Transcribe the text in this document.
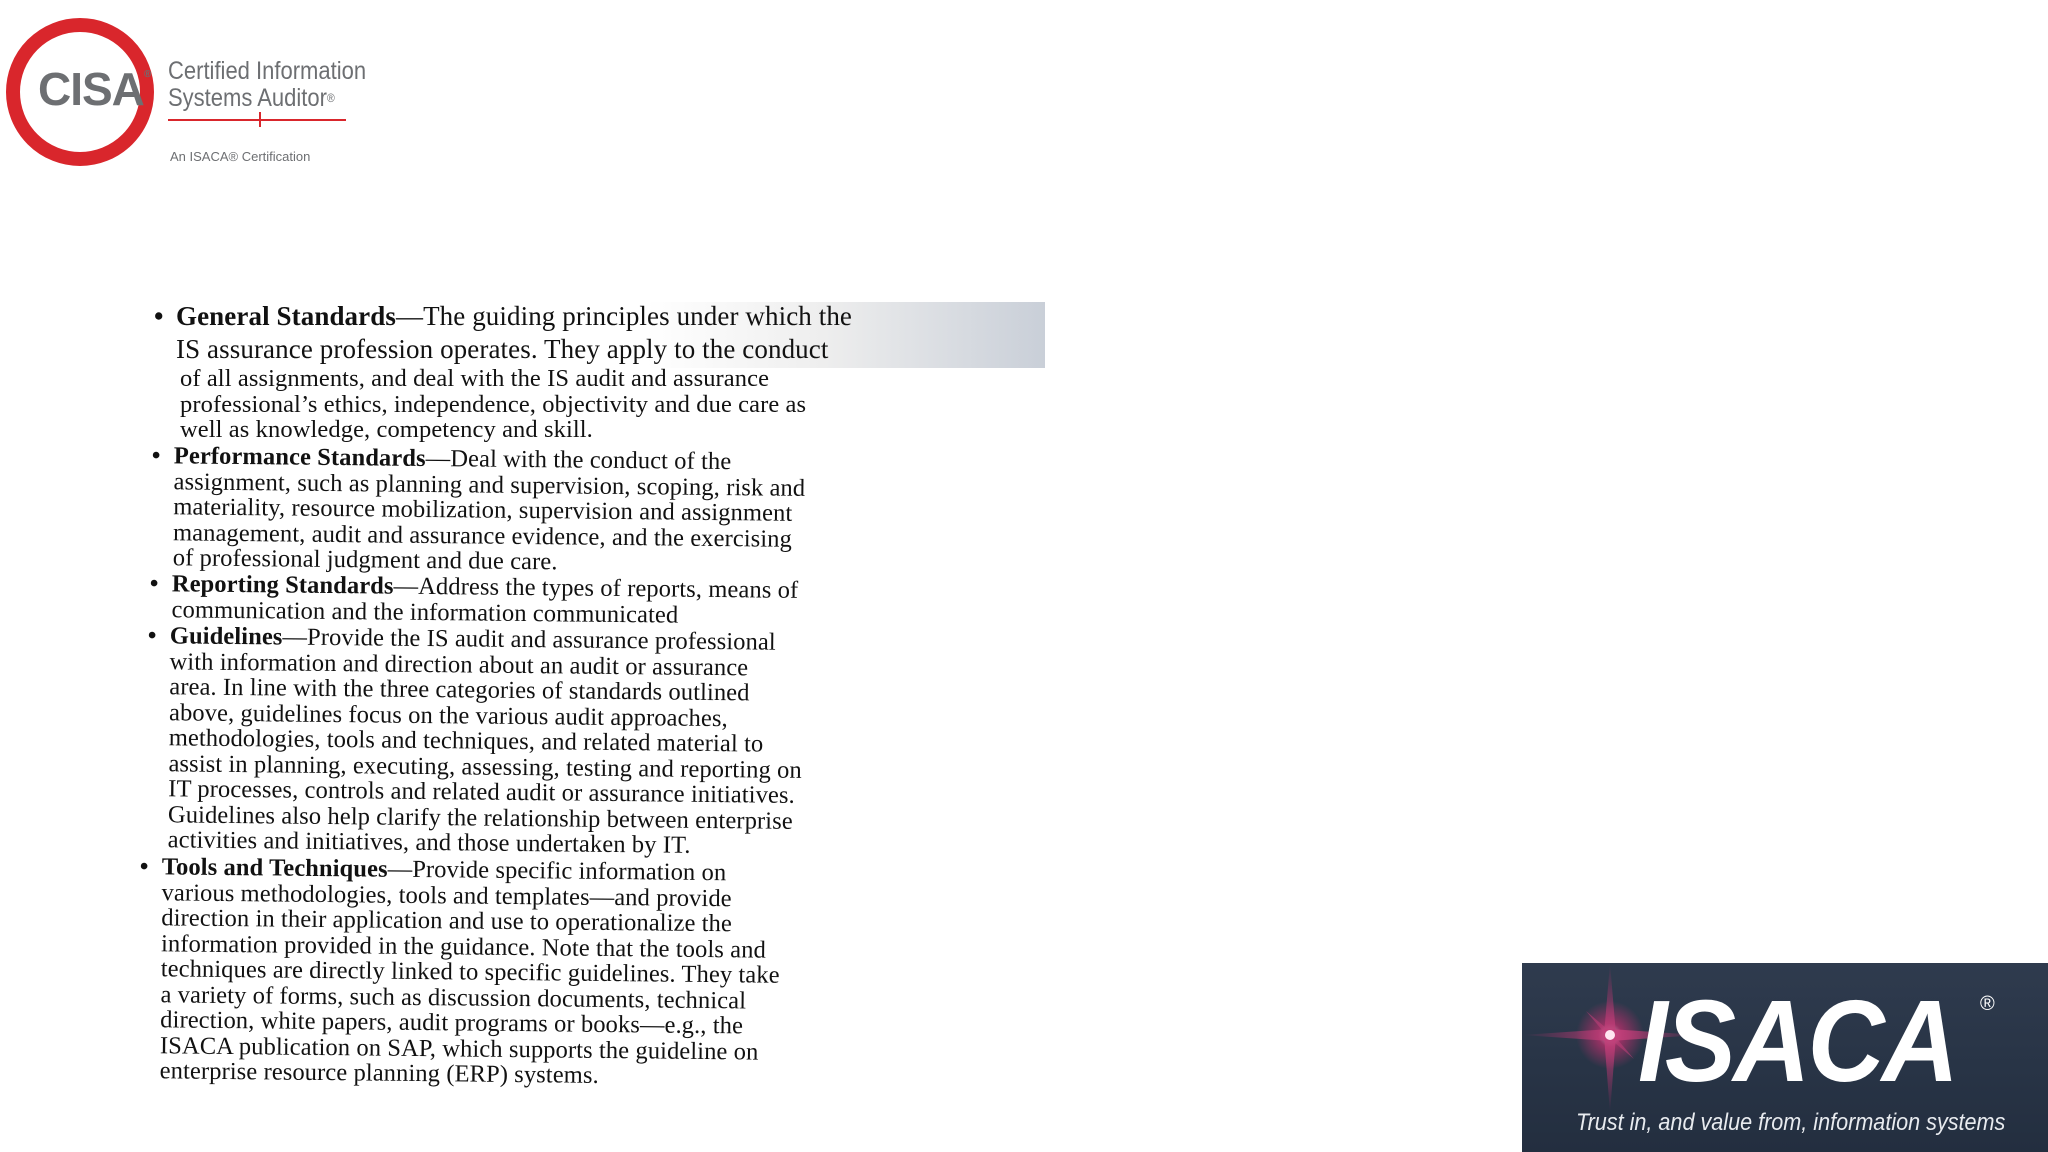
CISA® Certified Information
Systems Auditor®
An ISACA® Certification
• General Standards—The guiding principles under which the
IS assurance profession operates. They apply to the conduct
of all assignments, and deal with the IS audit and assurance
professional’s ethics, independence, objectivity and due care as
well as knowledge, competency and skill.
• Performance Standards—Deal with the conduct of the
assignment, such as planning and supervision, scoping, risk and
materiality, resource mobilization, supervision and assignment
management, audit and assurance evidence, and the exercising
of professional judgment and due care.
• Reporting Standards—Address the types of reports, means of
communication and the information communicated
• Guidelines—Provide the IS audit and assurance professional
with information and direction about an audit or assurance
area. In line with the three categories of standards outlined
above, guidelines focus on the various audit approaches,
methodologies, tools and techniques, and related material to
assist in planning, executing, assessing, testing and reporting on
IT processes, controls and related audit or assurance initiatives.
Guidelines also help clarify the relationship between enterprise
activities and initiatives, and those undertaken by IT.
• Tools and Techniques—Provide specific information on
various methodologies, tools and templates—and provide
direction in their application and use to operationalize the
information provided in the guidance. Note that the tools and
techniques are directly linked to specific guidelines. They take
a variety of forms, such as discussion documents, technical
direction, white papers, audit programs or books—e.g., the
ISACA publication on SAP, which supports the guideline on
enterprise resource planning (ERP) systems.	ISACA ®
Trust in, and value from, information systems
